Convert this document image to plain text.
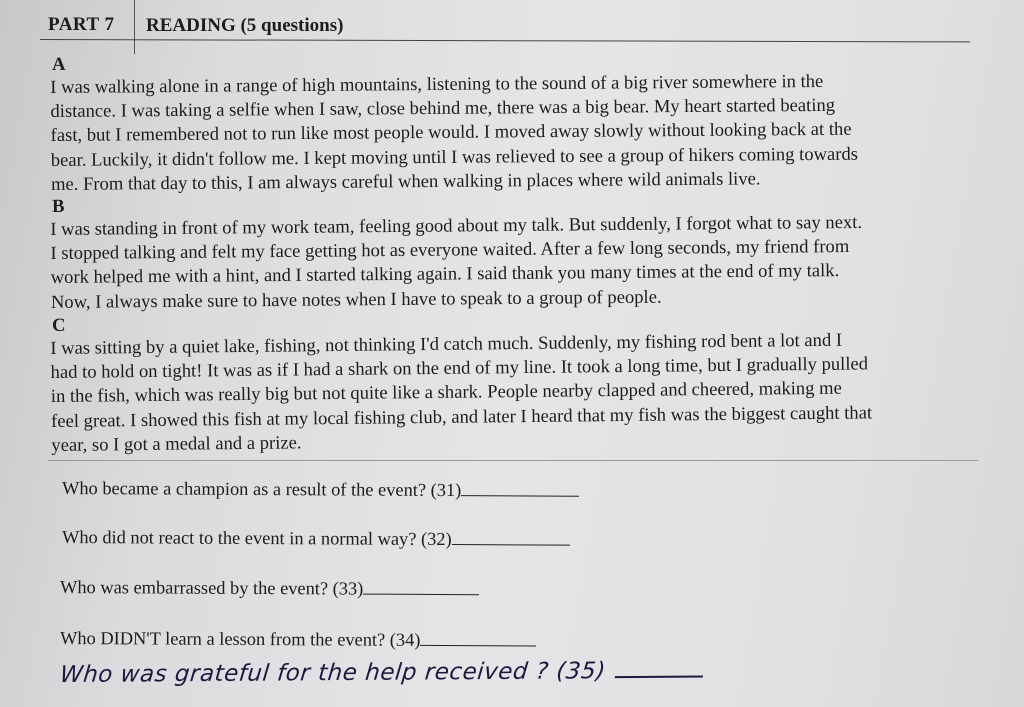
PART 7 READING (5 questions)
A

I was walking alone in a range of high mountains, listening to the sound of a big river somewhere in the

distance. I was taking a selfie when I saw, close behind me, there was a big bear. My heart started beating

fast, but I remembered not to run like most people would. I moved away slowly without looking back at the

bear. Luckily, it didn't follow me. I kept moving until I was relieved to see a group of hikers coming towards

me. From that day to this, I am always careful when walking in places where wild animals live.

B

I was standing in front of my work team, feeling good about my talk. But suddenly, I forgot what to say next.

I stopped talking and felt my face getting hot as everyone waited. After a few long seconds, my friend from

work helped me with a hint, and I started talking again. I said thank you many times at the end of my talk.

Now, I always make sure to have notes when I have to speak to a group of people.

C

I was sitting by a quiet lake, fishing, not thinking I'd catch much. Suddenly, my fishing rod bent a lot and I

had to hold on tight! It was as if I had a shark on the end of my line. It took a long time, but I gradually pulled

in the fish, which was really big but not quite like a shark. People nearby clapped and cheered, making me

feel great. I showed this fish at my local fishing club, and later I heard that my fish was the biggest caught that

year, so I got a medal and a prize.

Who became a champion as a result of the event? (31)
Who did not react to the event in a normal way? (32)
Who was embarrassed by the event? (33)
Who DIDN'T learn a lesson from the event? (34)
Who was grateful for the help received ? (35)
